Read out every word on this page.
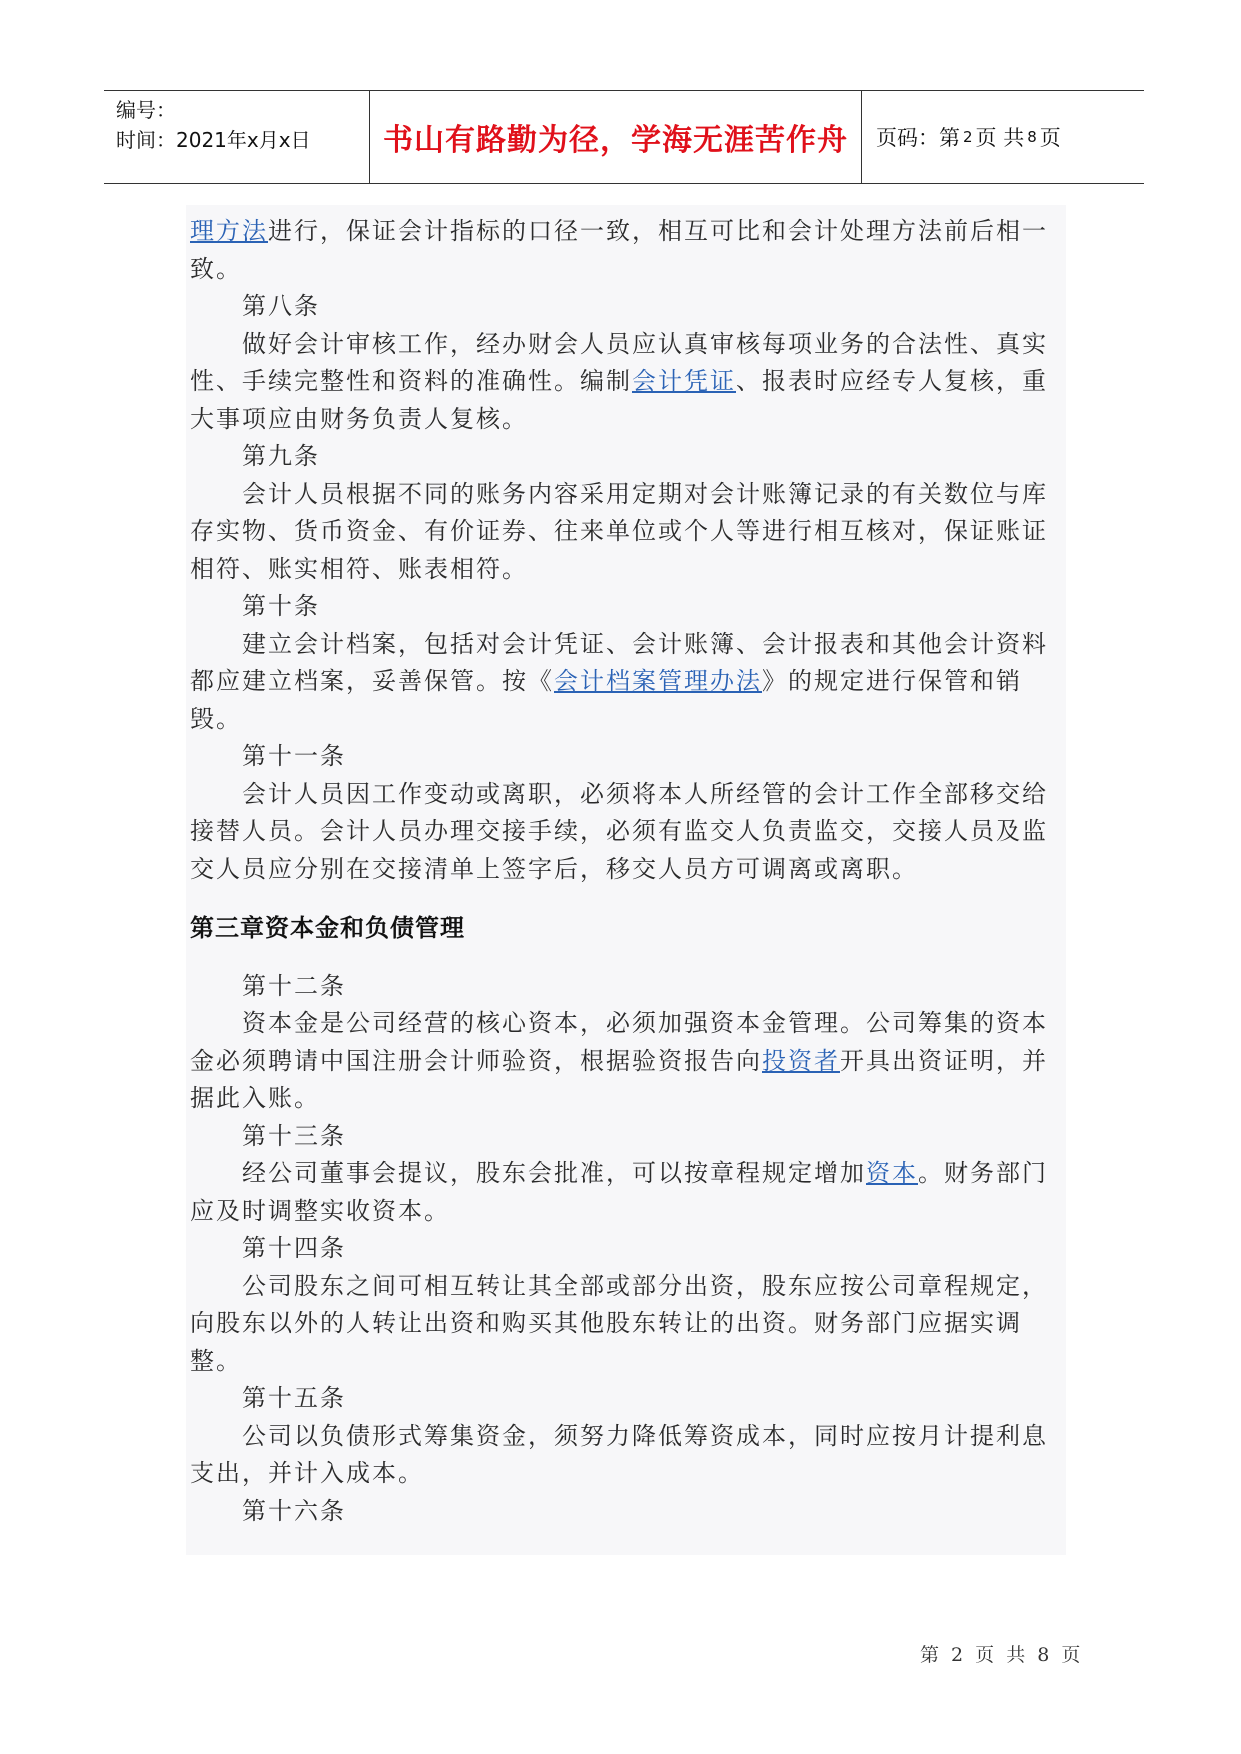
编号：
时间：2021年x月x日	书山有路勤为径，学海无涯苦作舟	页码：第 2 页 共 8 页

理方法进行，保证会计指标的口径一致，相互可比和会计处理方法前后相一致。

第八条

做好会计审核工作，经办财会人员应认真审核每项业务的合法性、真实性、手续完整性和资料的准确性。编制会计凭证、报表时应经专人复核，重大事项应由财务负责人复核。

第九条

会计人员根据不同的账务内容采用定期对会计账簿记录的有关数位与库存实物、货币资金、有价证券、往来单位或个人等进行相互核对，保证账证相符、账实相符、账表相符。

第十条

建立会计档案，包括对会计凭证、会计账簿、会计报表和其他会计资料都应建立档案，妥善保管。按《会计档案管理办法》的规定进行保管和销毁。

第十一条

会计人员因工作变动或离职，必须将本人所经管的会计工作全部移交给接替人员。会计人员办理交接手续，必须有监交人负责监交，交接人员及监交人员应分别在交接清单上签字后，移交人员方可调离或离职。

第三章资本金和负债管理

第十二条

资本金是公司经营的核心资本，必须加强资本金管理。公司筹集的资本金必须聘请中国注册会计师验资，根据验资报告向投资者开具出资证明，并据此入账。

第十三条

经公司董事会提议，股东会批准，可以按章程规定增加资本。财务部门应及时调整实收资本。

第十四条

公司股东之间可相互转让其全部或部分出资，股东应按公司章程规定，向股东以外的人转让出资和购买其他股东转让的出资。财务部门应据实调整。

第十五条

公司以负债形式筹集资金，须努力降低筹资成本，同时应按月计提利息支出，并计入成本。

第十六条

第 2 页 共 8 页
